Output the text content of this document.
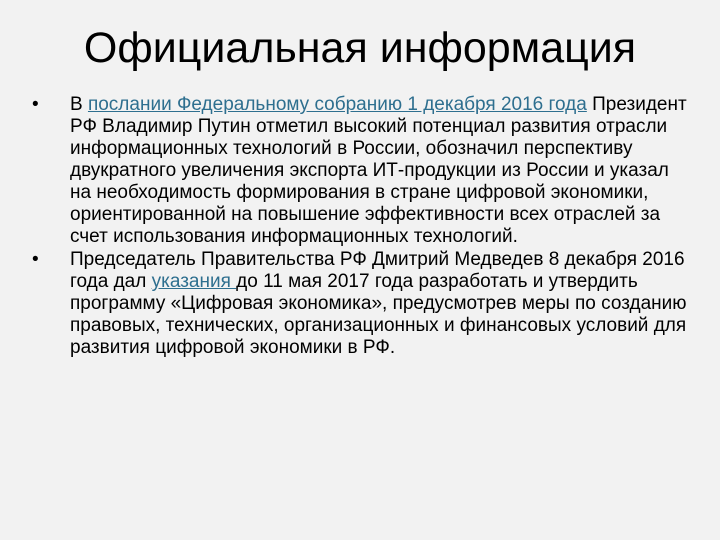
Официальная информация
• В послании Федеральному собранию 1 декабря 2016 года Президент РФ Владимир Путин отметил высокий потенциал развития отрасли информационных технологий в России, обозначил перспективу двукратного увеличения экспорта ИТ-продукции из России и указал на необходимость формирования в стране цифровой экономики, ориентированной на повышение эффективности всех отраслей за счет использования информационных технологий.
• Председатель Правительства РФ Дмитрий Медведев 8 декабря 2016 года дал указания до 11 мая 2017 года разработать и утвердить программу «Цифровая экономика», предусмотрев меры по созданию правовых, технических, организационных и финансовых условий для развития цифровой экономики в РФ.
